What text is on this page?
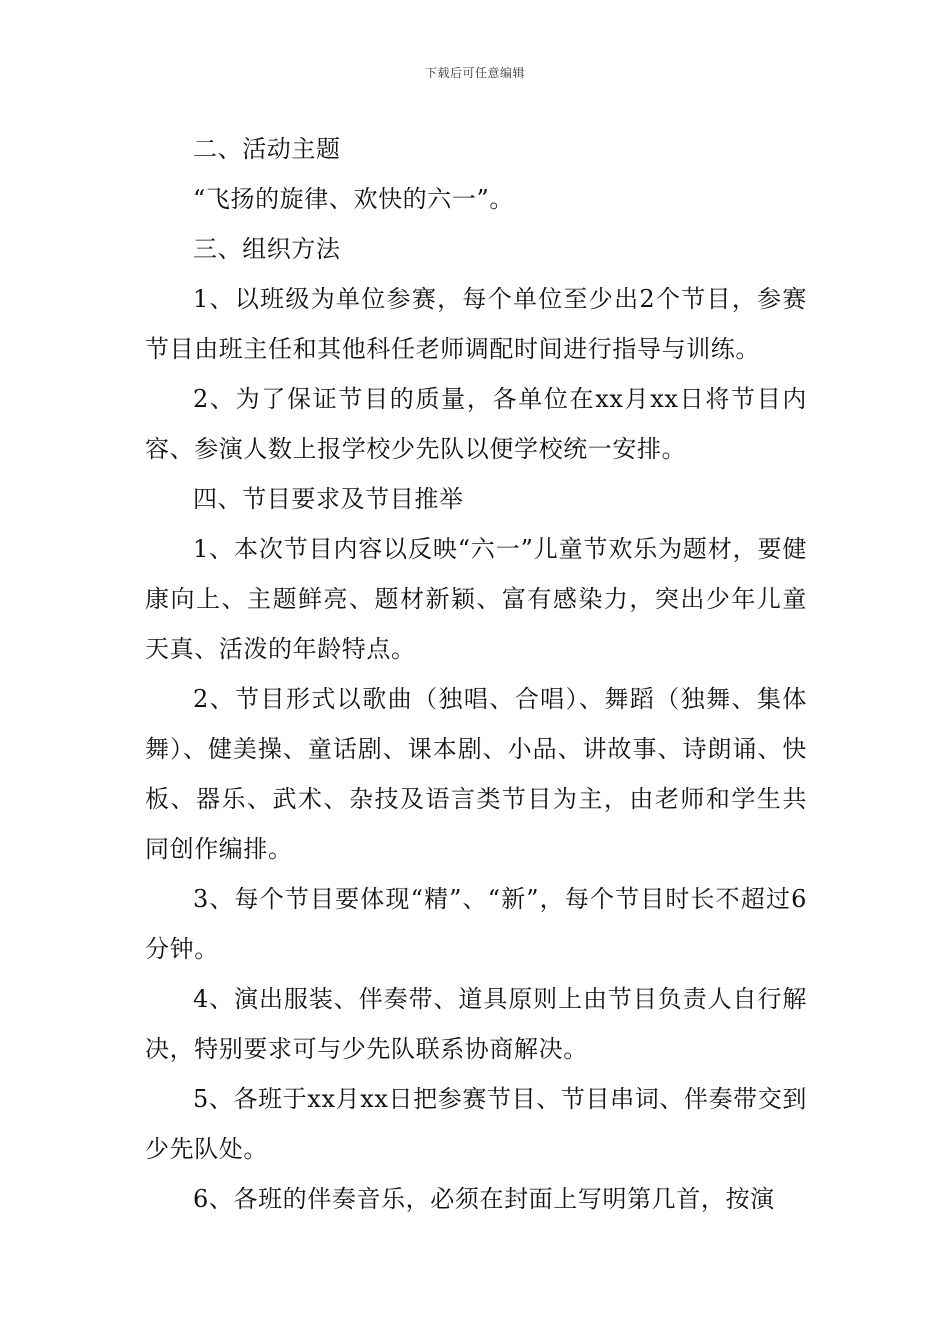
下载后可任意编辑

二、活动主题

“飞扬的旋律、欢快的六一”。

三、组织方法

1、以班级为单位参赛，每个单位至少出2个节目，参赛节目由班主任和其他科任老师调配时间进行指导与训练。

2、为了保证节目的质量，各单位在xx月xx日将节目内容、参演人数上报学校少先队以便学校统一安排。

四、节目要求及节目推举

1、本次节目内容以反映“六一”儿童节欢乐为题材，要健康向上、主题鲜亮、题材新颖、富有感染力，突出少年儿童天真、活泼的年龄特点。

2、节目形式以歌曲（独唱、合唱）、舞蹈（独舞、集体舞）、健美操、童话剧、课本剧、小品、讲故事、诗朗诵、快板、器乐、武术、杂技及语言类节目为主，由老师和学生共同创作编排。

3、每个节目要体现“精”、“新”，每个节目时长不超过6分钟。

4、演出服装、伴奏带、道具原则上由节目负责人自行解决，特别要求可与少先队联系协商解决。

5、各班于xx月xx日把参赛节目、节目串词、伴奏带交到少先队处。

6、各班的伴奏音乐，必须在封面上写明第几首，按演
